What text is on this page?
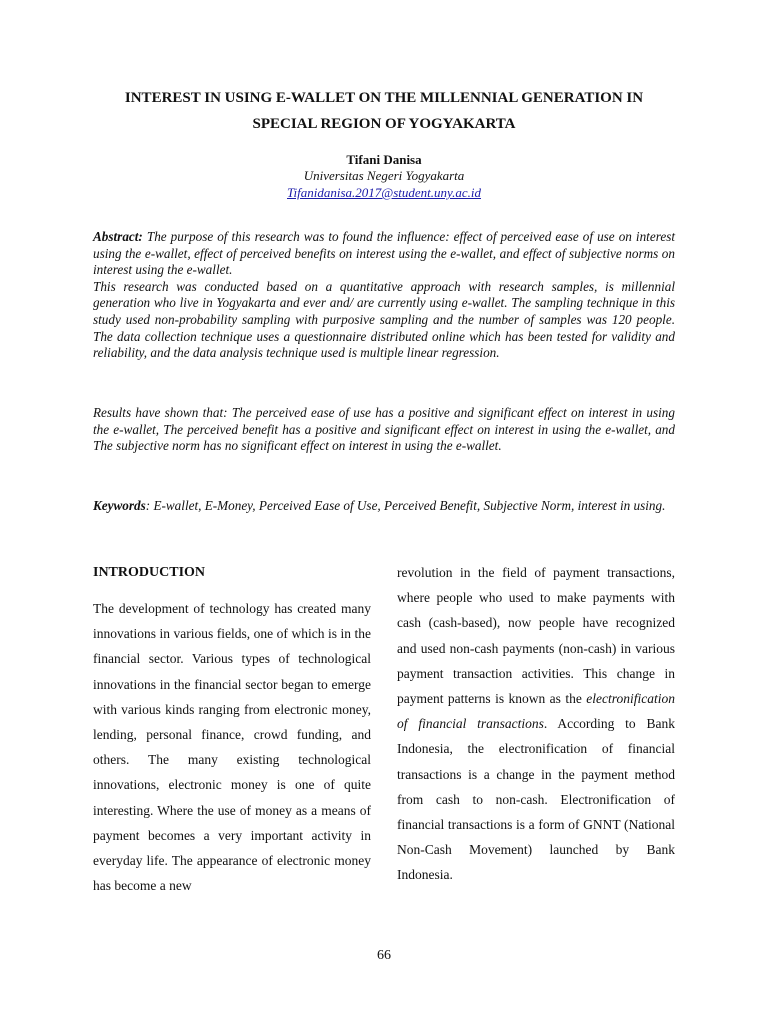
INTEREST IN USING E-WALLET ON THE MILLENNIAL GENERATION IN
SPECIAL REGION OF YOGYAKARTA
Tifani Danisa
Universitas Negeri Yogyakarta
Tifanidanisa.2017@student.uny.ac.id

Abstract: The purpose of this research was to found the influence: effect of perceived ease of use on interest using the e-wallet, effect of perceived benefits on interest using the e-wallet, and effect of subjective norms on interest using the e-wallet.

This research was conducted based on a quantitative approach with research samples, is millennial generation who live in Yogyakarta and ever and/ are currently using e-wallet. The sampling technique in this study used non-probability sampling with purposive sampling and the number of samples was 120 people. The data collection technique uses a questionnaire distributed online which has been tested for validity and reliability, and the data analysis technique used is multiple linear regression.

Results have shown that: The perceived ease of use has a positive and significant effect on interest in using the e-wallet, The perceived benefit has a positive and significant effect on interest in using the e-wallet, and The subjective norm has no significant effect on interest in using the e-wallet.

Keywords: E-wallet, E-Money, Perceived Ease of Use, Perceived Benefit, Subjective Norm, interest in using.

INTRODUCTION

The development of technology has created many innovations in various fields, one of which is in the financial sector. Various types of technological innovations in the financial sector began to emerge with various kinds ranging from electronic money, lending, personal finance, crowd funding, and others. The many existing technological innovations, electronic money is one of quite interesting. Where the use of money as a means of payment becomes a very important activity in everyday life. The appearance of electronic money has become a new

revolution in the field of payment transactions, where people who used to make payments with cash (cash-based), now people have recognized and used non-cash payments (non-cash) in various payment transaction activities. This change in payment patterns is known as the electronification of financial transactions. According to Bank Indonesia, the electronification of financial transactions is a change in the payment method from cash to non-cash. Electronification of financial transactions is a form of GNNT (National Non-Cash Movement) launched by Bank Indonesia.

66
